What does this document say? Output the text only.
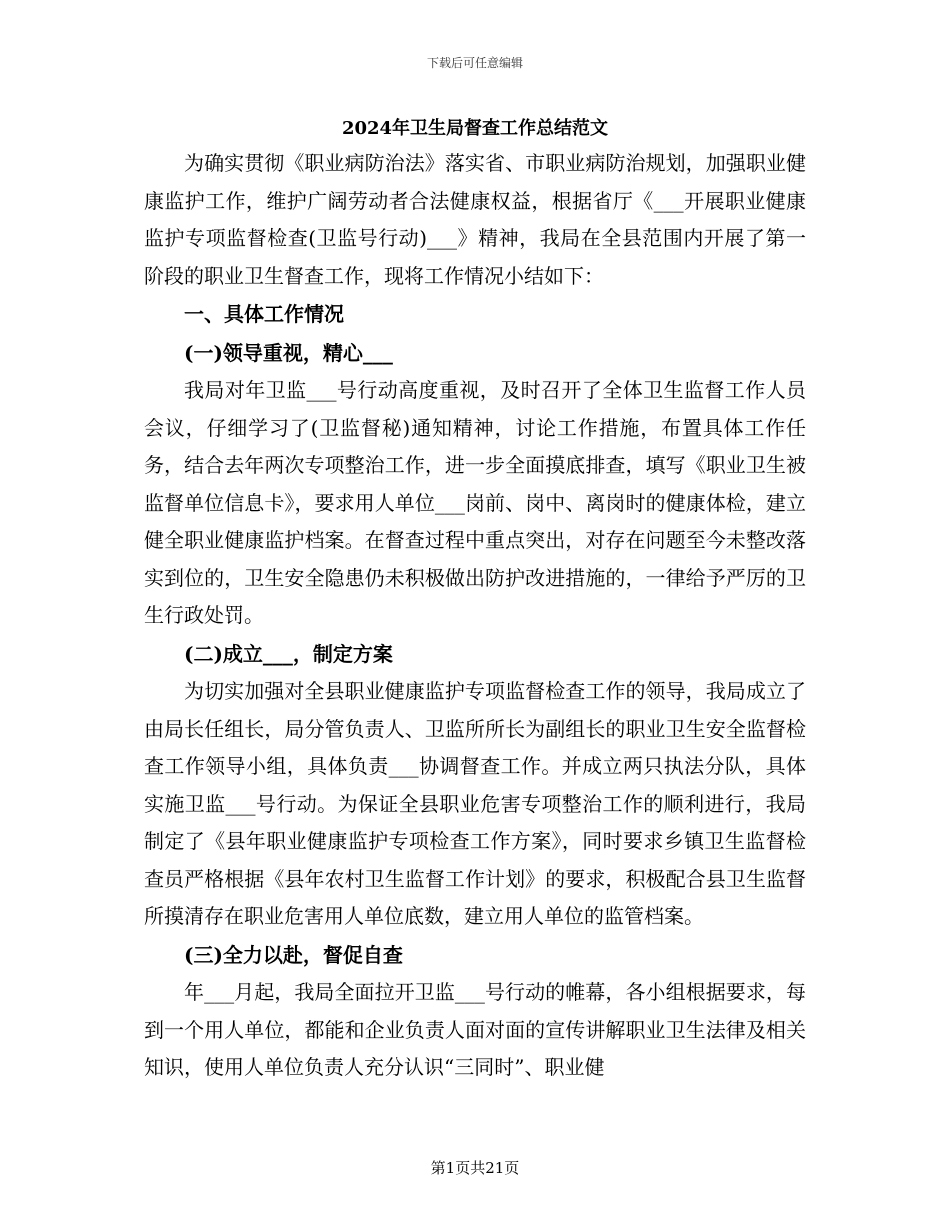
下载后可任意编辑

2024年卫生局督查工作总结范文

为确实贯彻《职业病防治法》落实省、市职业病防治规划，加强职业健康监护工作，维护广阔劳动者合法健康权益，根据省厅《___开展职业健康监护专项监督检查(卫监号行动)___》精神，我局在全县范围内开展了第一阶段的职业卫生督查工作，现将工作情况小结如下：

一、具体工作情况

(一)领导重视，精心___

我局对年卫监___号行动高度重视，及时召开了全体卫生监督工作人员会议，仔细学习了(卫监督秘)通知精神，讨论工作措施，布置具体工作任务，结合去年两次专项整治工作，进一步全面摸底排查，填写《职业卫生被监督单位信息卡》，要求用人单位___岗前、岗中、离岗时的健康体检，建立健全职业健康监护档案。在督查过程中重点突出，对存在问题至今未整改落实到位的，卫生安全隐患仍未积极做出防护改进措施的，一律给予严厉的卫生行政处罚。

(二)成立___，制定方案

为切实加强对全县职业健康监护专项监督检查工作的领导，我局成立了由局长任组长，局分管负责人、卫监所所长为副组长的职业卫生安全监督检查工作领导小组，具体负责___协调督查工作。并成立两只执法分队，具体实施卫监___号行动。为保证全县职业危害专项整治工作的顺利进行，我局制定了《县年职业健康监护专项检查工作方案》，同时要求乡镇卫生监督检查员严格根据《县年农村卫生监督工作计划》的要求，积极配合县卫生监督所摸清存在职业危害用人单位底数，建立用人单位的监管档案。

(三)全力以赴，督促自查

年___月起，我局全面拉开卫监___号行动的帷幕，各小组根据要求，每到一个用人单位，都能和企业负责人面对面的宣传讲解职业卫生法律及相关知识，使用人单位负责人充分认识“三同时”、职业健

第1页共21页
